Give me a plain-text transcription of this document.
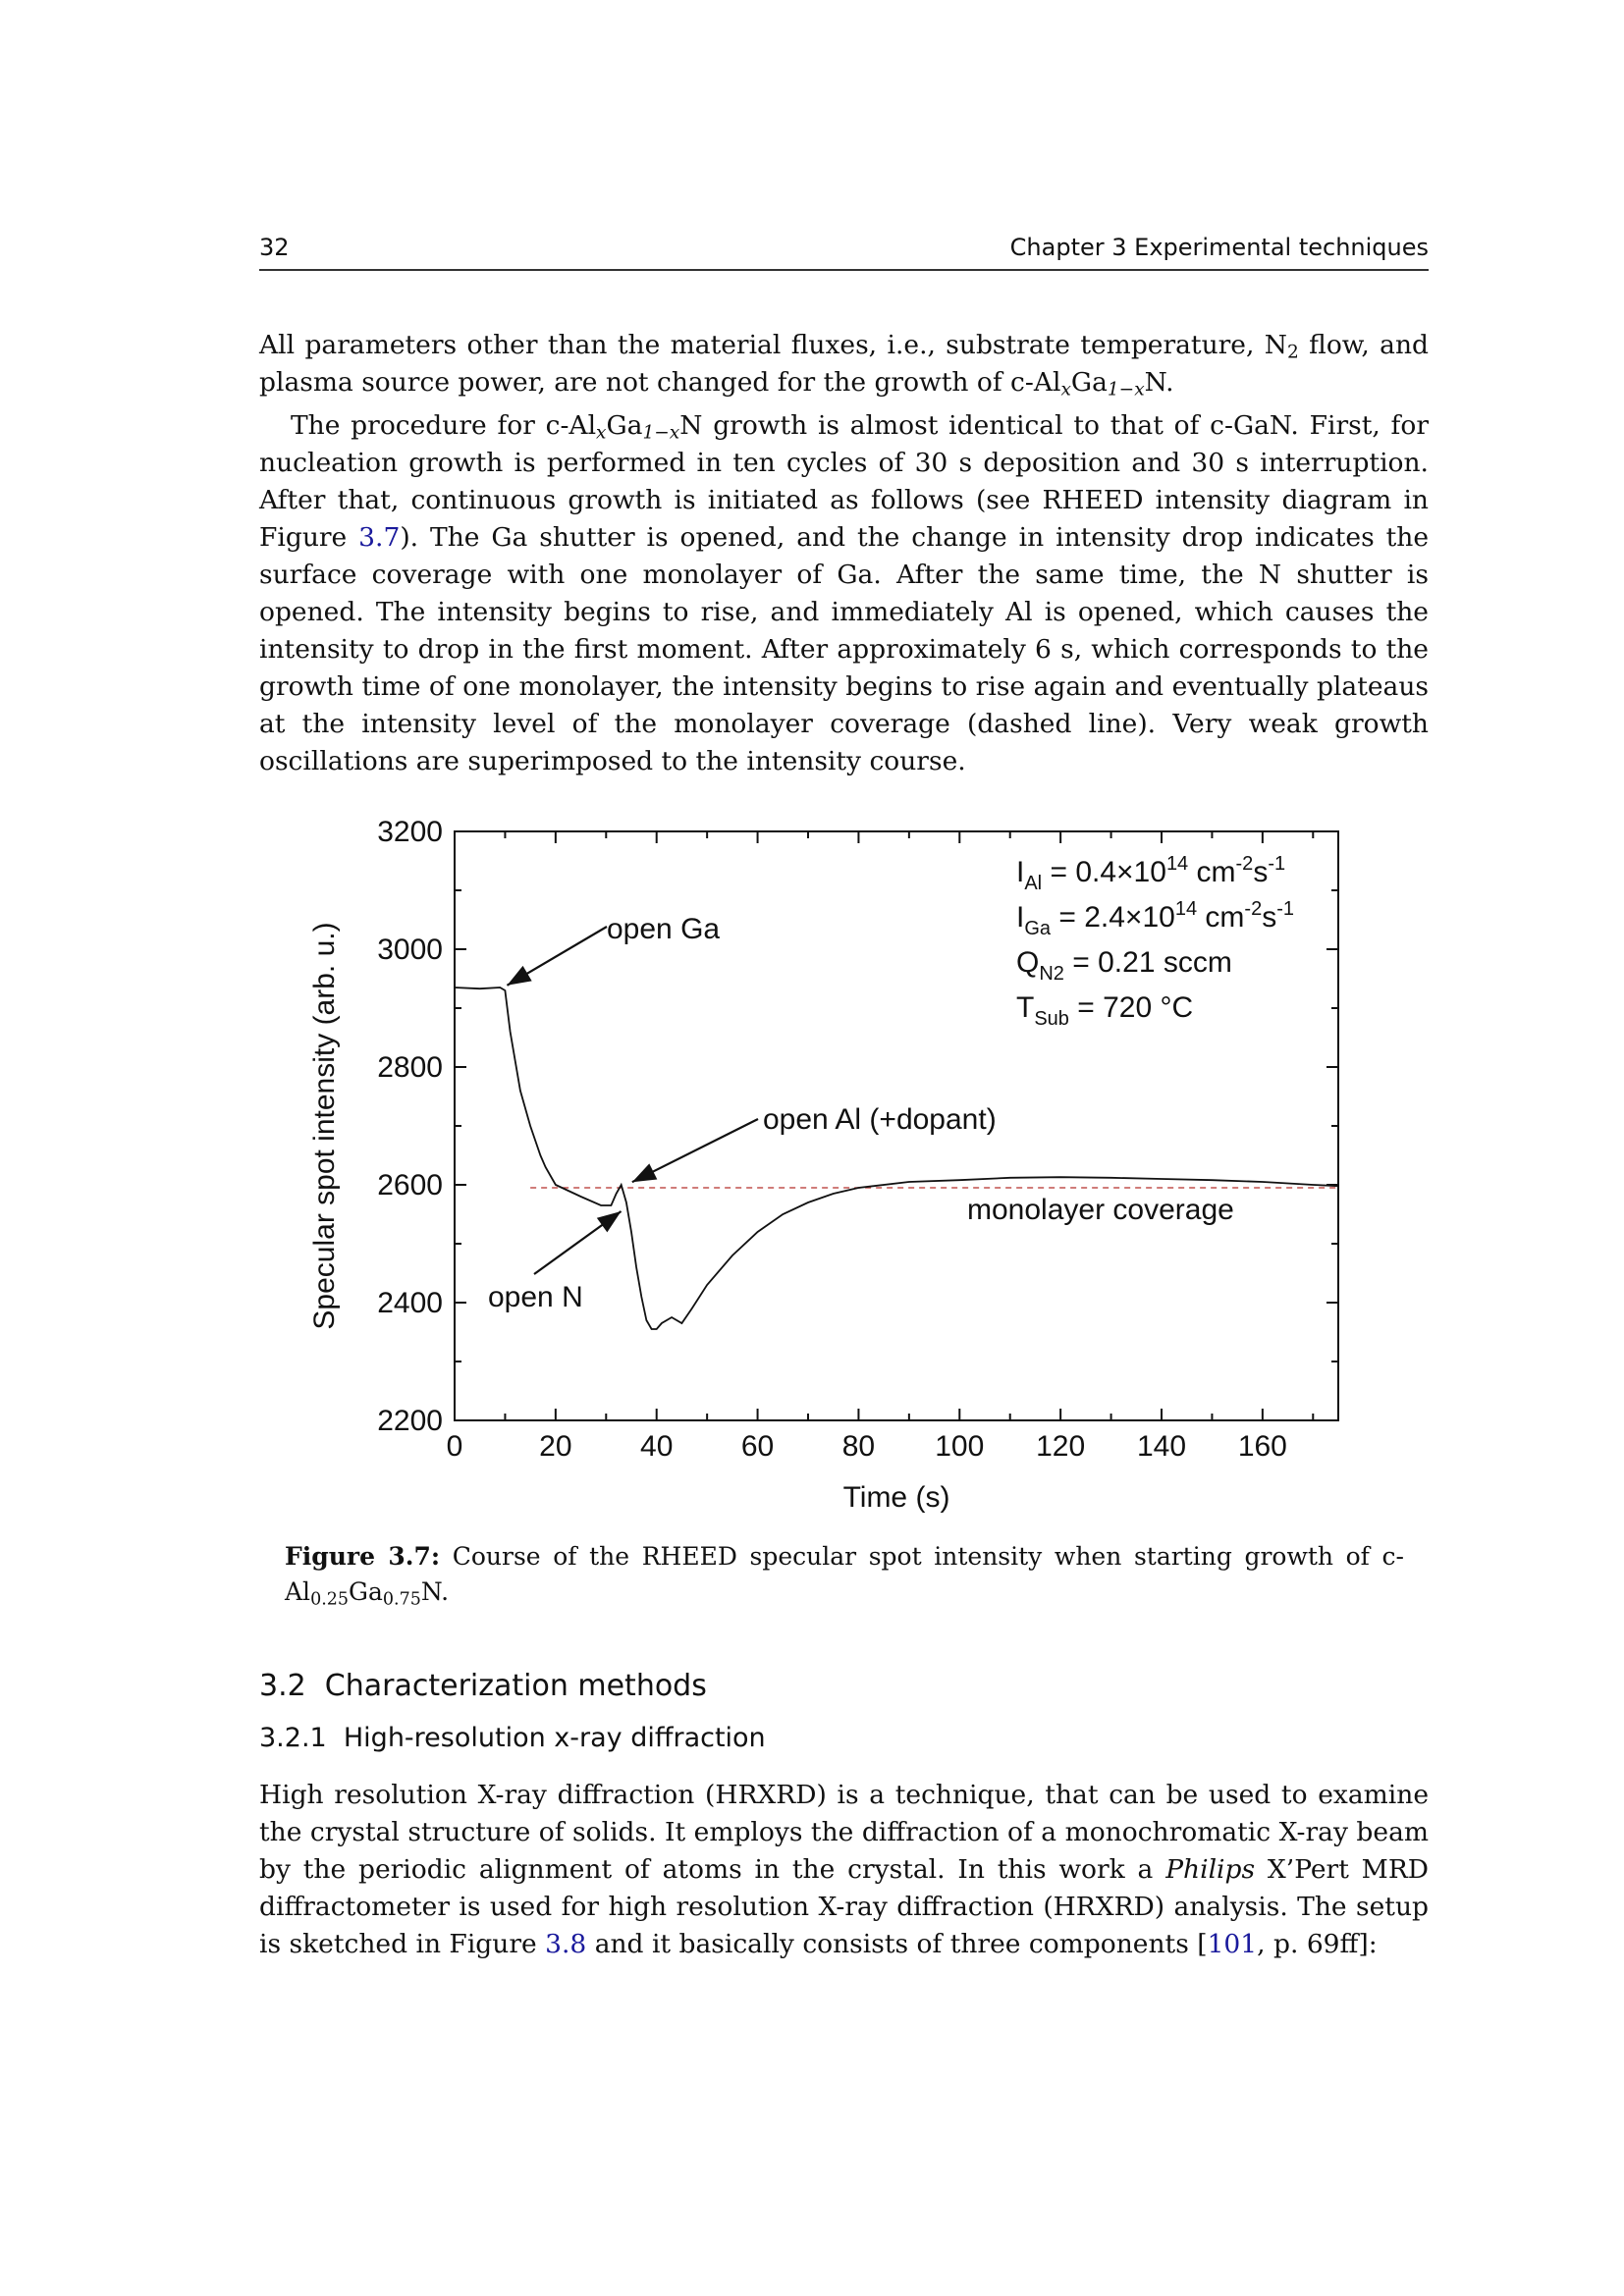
32	Chapter 3 Experimental techniques

All parameters other than the material fluxes, i.e., substrate temperature, $N_2$ flow, and plasma source power, are not changed for the growth of $c-Al_xGa_{1-x}N$.

The procedure for $c-Al_xGa_{1-x}N$ growth is almost identical to that of c-GaN. First, for nucleation growth is performed in ten cycles of 30 s deposition and 30 s interruption. After that, continuous growth is initiated as follows (see RHEED intensity diagram in Figure 3.7). The Ga shutter is opened, and the change in intensity drop indicates the surface coverage with one monolayer of Ga. After the same time, the N shutter is opened. The intensity begins to rise, and immediately Al is opened, which causes the intensity to drop in the first moment. After approximately 6 s, which corresponds to the growth time of one monolayer, the intensity begins to rise again and eventually plateaus at the intensity level of the monolayer coverage (dashed line). Very weak growth oscillations are superimposed to the intensity course.

0	20 40 60 80 100 120 140 160
2200
2400
2600
2800
3000
3200
Time (s)
Specular spot intensity (arb. u.)	open Ga
open N
open Al (+dopant)
monolayer coverage
$I_{Al} = 0.4\times 10^{14}$ $cm^{-2}s^{-1}$
$I_{Ga} = 2.4\times 10^{14}$ $cm^{-2}s^{-1}$
$Q_{N2} = 0.21$ sccm
$T_{Sub} = 720$ °C
Figure 3.7: Course of the RHEED specular spot intensity when starting growth of $c-Al_{0.25}Ga_{0.75}N$.
3.2 Characterization methods
3.2.1 High-resolution x-ray diffraction

High resolution X-ray diffraction (HRXRD) is a technique, that can be used to examine the crystal structure of solids. It employs the diffraction of a monochromatic X-ray beam by the periodic alignment of atoms in the crystal. In this work a Philips X’Pert MRD diffractometer is used for high resolution X-ray diffraction (HRXRD) analysis. The setup is sketched in Figure 3.8 and it basically consists of three components [101, p. 69ff]:
